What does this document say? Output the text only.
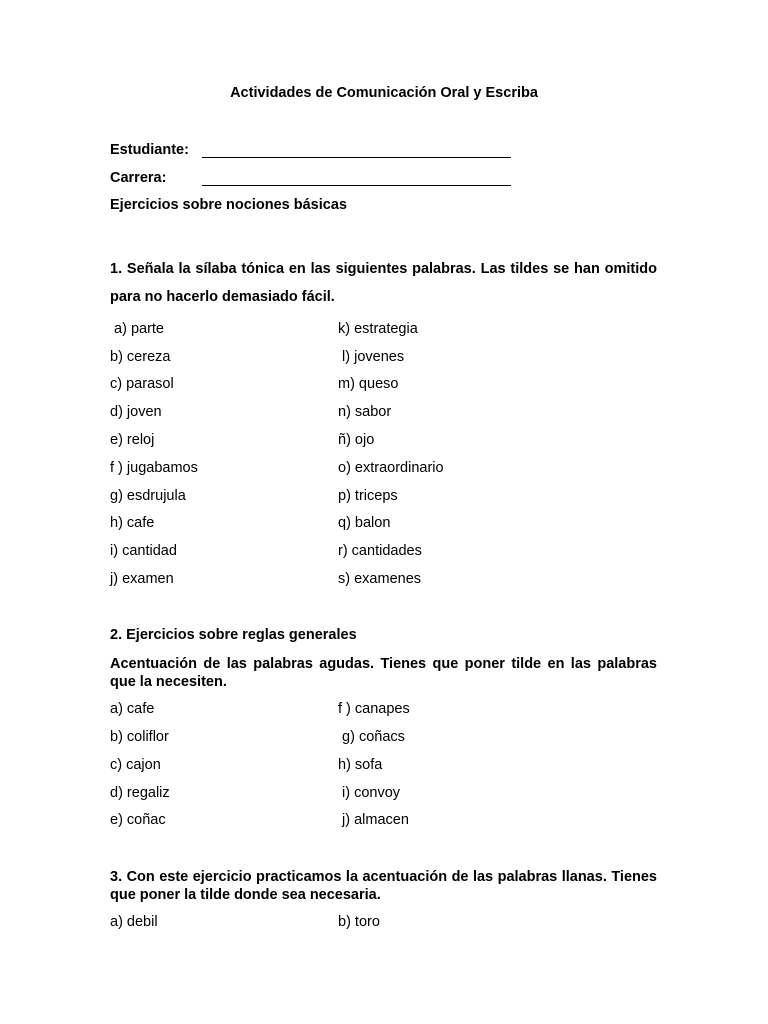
Actividades de Comunicación Oral y Escriba
Estudiante:
Carrera:
Ejercicios sobre nociones básicas
1. Señala la sílaba tónica en las siguientes palabras. Las tildes se han omitido para no hacerlo demasiado fácil.
a) parte
b) cereza
c) parasol
d) joven
e) reloj
f ) jugabamos
g) esdrujula
h) cafe
i) cantidad
j) examen
k) estrategia
l) jovenes
m) queso
n) sabor
ñ) ojo
o) extraordinario
p) triceps
q) balon
r) cantidades
s) examenes
2. Ejercicios sobre reglas generales
Acentuación de las palabras agudas. Tienes que poner tilde en las palabras que la necesiten.
a) cafe
b) coliflor
c) cajon
d) regaliz
e) coñac
f ) canapes
g) coñacs
h) sofa
i) convoy
j) almacen
3. Con este ejercicio practicamos la acentuación de las palabras llanas. Tienes que poner la tilde donde sea necesaria.
a) debil	b) toro
